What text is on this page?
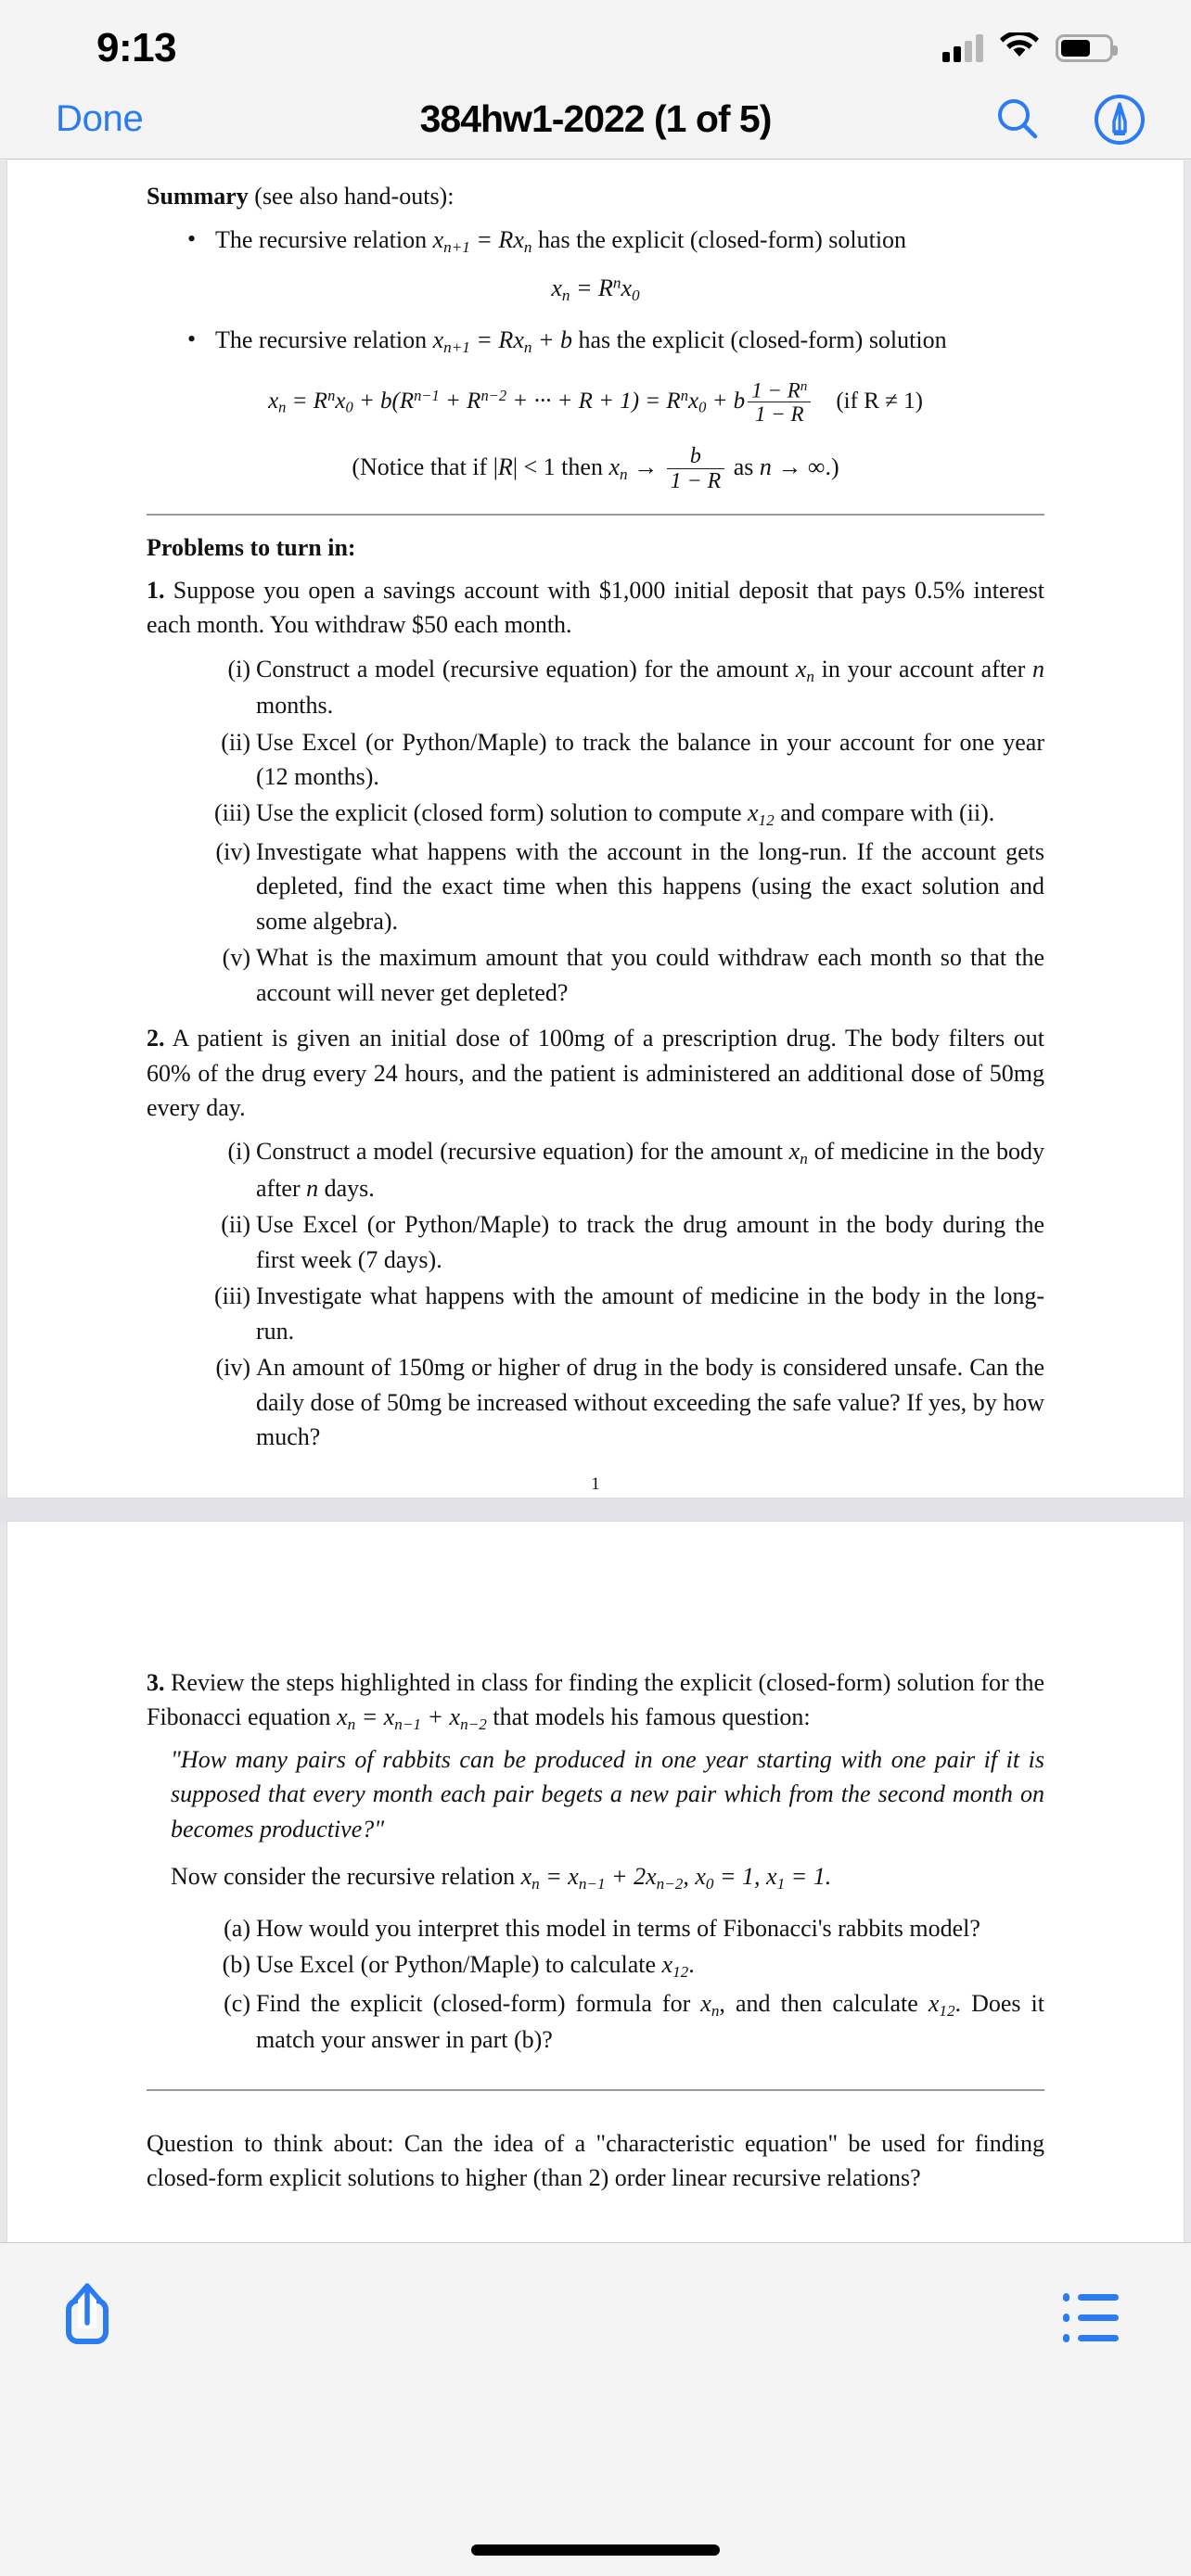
9:13
Done	384hw1-2022 (1 of 5)
Summary (see also hand-outs):
• The recursive relation $x_{n+1} = Rx_n$ has the explicit (closed-form) solution
$x_n = R^nx_0$
• The recursive relation $x_{n+1} = Rx_n + b$ has the explicit (closed-form) solution
$x_n = R^nx_0 + b(R^{n-1} + R^{n-2}$ + ··· + $R + 1) = R^nx_0 + b \frac{1 - R^n}{1 - R} (if$ R ≠ 1)
(Notice that if |R| < 1 then $x_n \to \frac{b}{1 - R}$ as n → ∞.)
Problems to turn in:
1. Suppose you open a savings account with $1,000 initial deposit that pays 0.5% interest each month. You withdraw $50 each month.
(i) Construct a model (recursive equation) for the amount $x_n$ in your account after n months.
(ii) Use Excel (or Python/Maple) to track the balance in your account for one year (12 months).
(iii) Use the explicit (closed form) solution to compute $x_{12}$ and compare with (ii).
(iv) Investigate what happens with the account in the long-run. If the account gets depleted, find the exact time when this happens (using the exact solution and some algebra).
(v) What is the maximum amount that you could withdraw each month so that the account will never get depleted?
2. A patient is given an initial dose of 100mg of a prescription drug. The body filters out 60% of the drug every 24 hours, and the patient is administered an additional dose of 50mg every day.
(i) Construct a model (recursive equation) for the amount $x_n$ of medicine in the body after n days.
(ii) Use Excel (or Python/Maple) to track the drug amount in the body during the first week (7 days).
(iii) Investigate what happens with the amount of medicine in the body in the long-run.
(iv) An amount of 150mg or higher of drug in the body is considered unsafe. Can the daily dose of 50mg be increased without exceeding the safe value? If yes, by how much?
1
3. Review the steps highlighted in class for finding the explicit (closed-form) solution for the Fibonacci equation $x_n = x_{n-1} + x_{n-2}$ that models his famous question:
"How many pairs of rabbits can be produced in one year starting with one pair if it is supposed that every month each pair begets a new pair which from the second month on becomes productive?"
Now consider the recursive relation $x_n = x_{n-1} + 2x_{n-2}$, $x_0 = 1$, $x_1 = 1$.
(a) How would you interpret this model in terms of Fibonacci's rabbits model?
(b) Use Excel (or Python/Maple) to calculate $x_{12}$.
(c) Find the explicit (closed-form) formula for $x_n$, and then calculate $x_{12}$. Does it match your answer in part (b)?
Question to think about: Can the idea of a "characteristic equation" be used for finding closed-form explicit solutions to higher (than 2) order linear recursive relations?
